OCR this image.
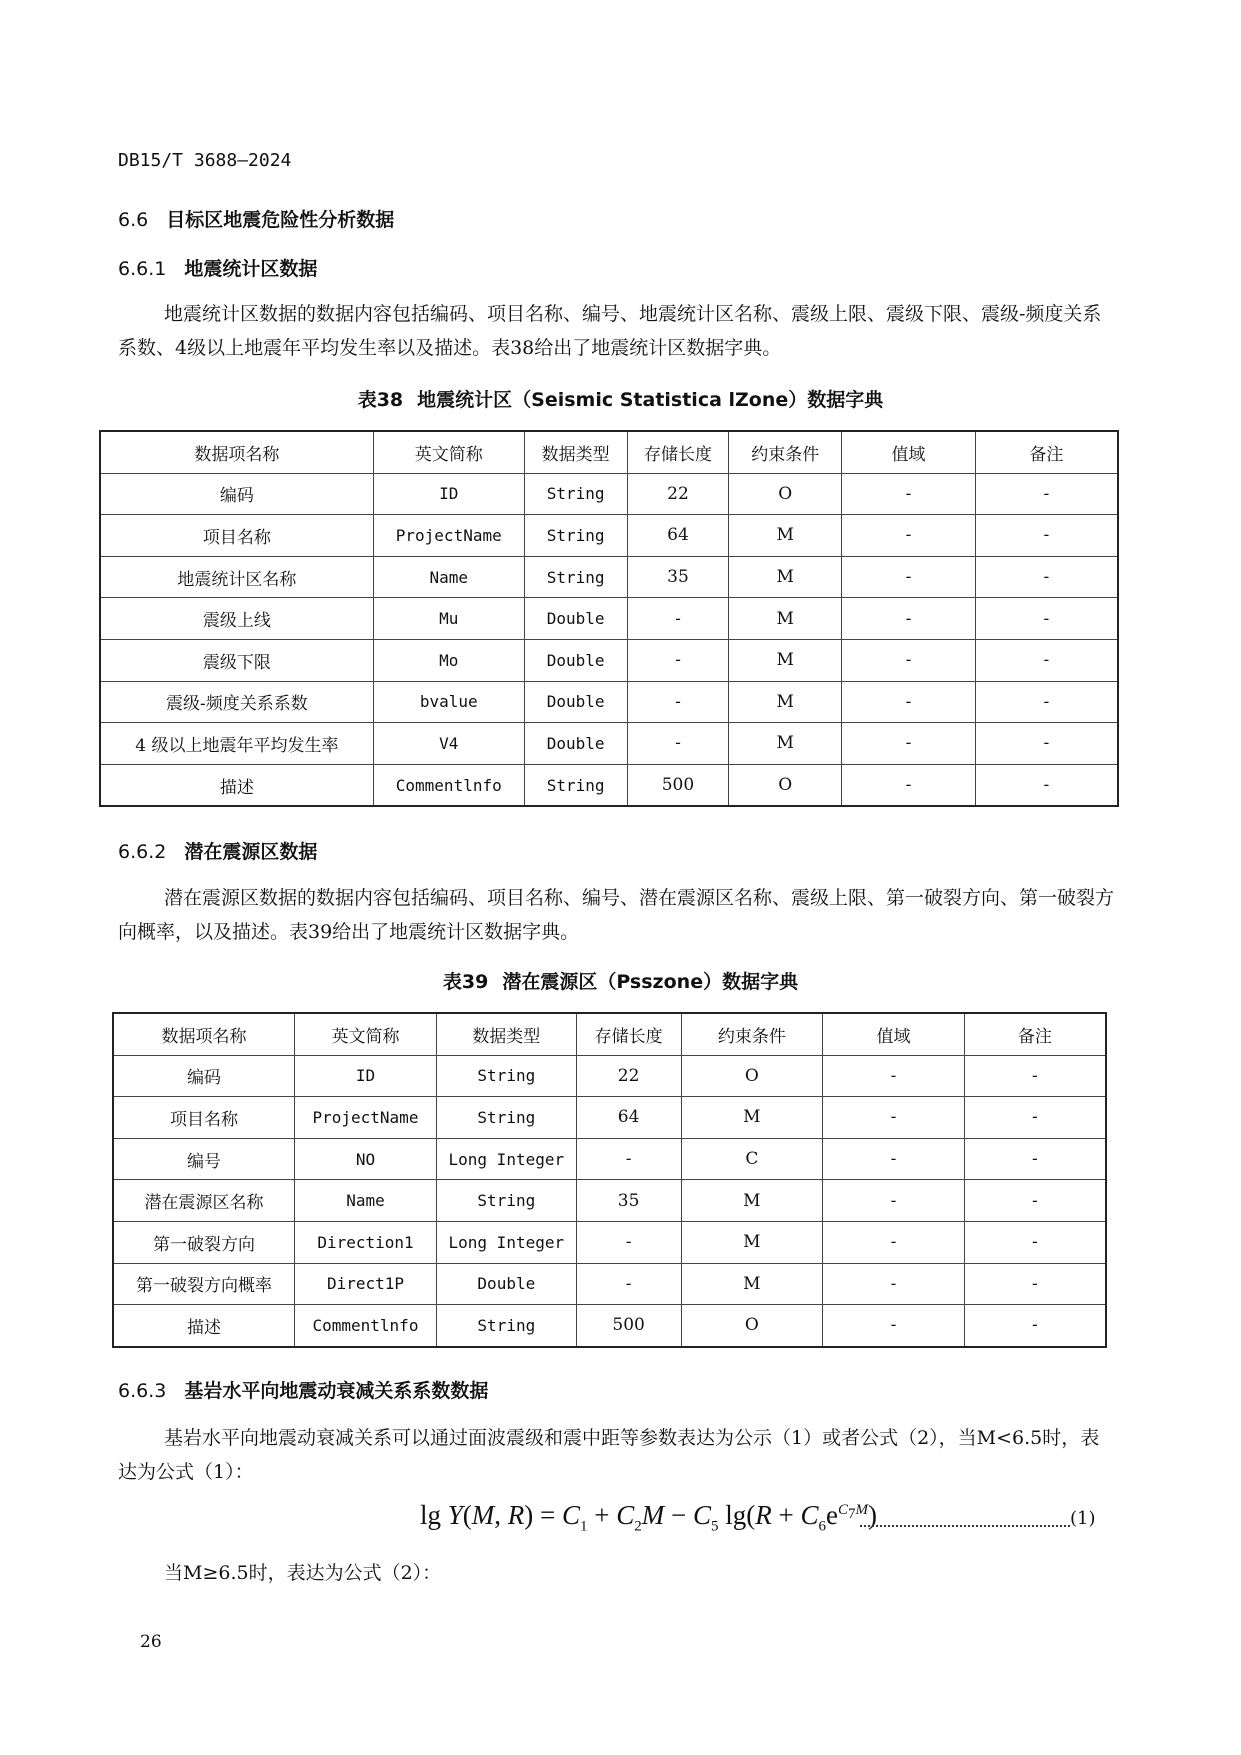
DB15/T 3688—2024
6.6 目标区地震危险性分析数据
6.6.1 地震统计区数据
地震统计区数据的数据内容包括编码、项目名称、编号、地震统计区名称、震级上限、震级下限、震级-频度关系系数、4级以上地震年平均发生率以及描述。表38给出了地震统计区数据字典。
表38 地震统计区（Seismic Statistica lZone）数据字典
数据项名称	英文简称	数据类型	存储长度	约束条件	值域	备注
编码	ID	String	22	O	-	-
项目名称	ProjectName	String	64	M	-	-
地震统计区名称	Name	String	35	M	-	-
震级上线	Mu	Double	-	M	-	-
震级下限	Mo	Double	-	M	-	-
震级-频度关系系数	bvalue	Double	-	M	-	-
4 级以上地震年平均发生率	V4	Double	-	M	-	-
描述	Commentlnfo	String	500	O	-	-
6.6.2 潜在震源区数据
潜在震源区数据的数据内容包括编码、项目名称、编号、潜在震源区名称、震级上限、第一破裂方向、第一破裂方向概率，以及描述。表39给出了地震统计区数据字典。
表39 潜在震源区（Psszone）数据字典
数据项名称	英文简称	数据类型	存储长度	约束条件	值域	备注
编码	ID	String	22	O	-	-
项目名称	ProjectName	String	64	M	-	-
编号	NO	Long Integer	-	C	-	-
潜在震源区名称	Name	String	35	M	-	-
第一破裂方向	Direction1	Long Integer	-	M	-	-
第一破裂方向概率	Direct1P	Double	-	M	-	-
描述	Commentlnfo	String	500	O	-	-
6.6.3 基岩水平向地震动衰减关系系数数据
基岩水平向地震动衰减关系可以通过面波震级和震中距等参数表达为公示（1）或者公式（2），当M<6.5时，表达为公式（1）：
lg Y(M, $R) = C_1 + C_2M - C_5$ $\lg(R + C_6e^{C_7M})$	(1)
当M≥6.5时，表达为公式（2）：
26
